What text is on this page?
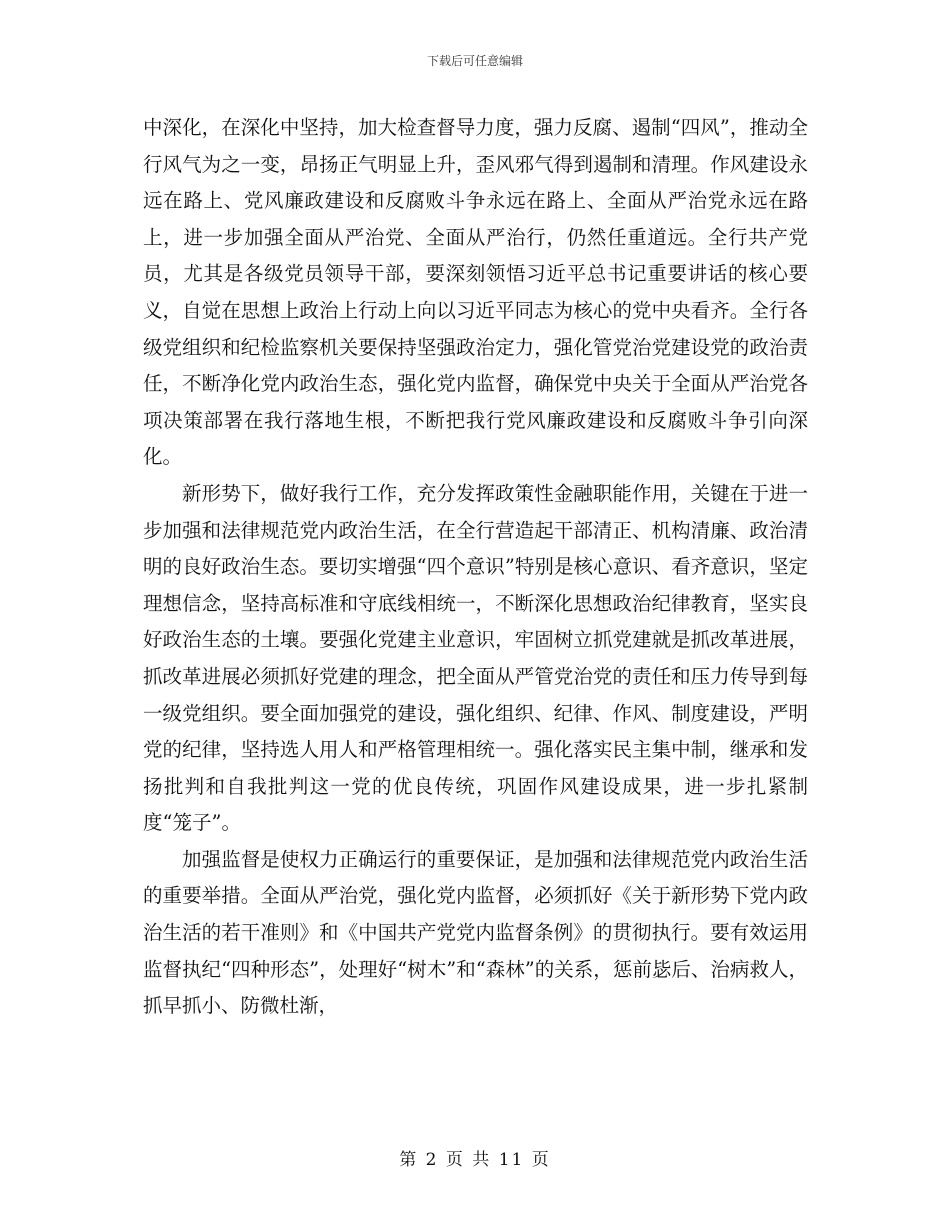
下载后可任意编辑

中深化，在深化中坚持，加大检查督导力度，强力反腐、遏制“四风”，推动全行风气为之一变，昂扬正气明显上升，歪风邪气得到遏制和清理。作风建设永远在路上、党风廉政建设和反腐败斗争永远在路上、全面从严治党永远在路上，进一步加强全面从严治党、全面从严治行，仍然任重道远。全行共产党员，尤其是各级党员领导干部，要深刻领悟习近平总书记重要讲话的核心要义，自觉在思想上政治上行动上向以习近平同志为核心的党中央看齐。全行各级党组织和纪检监察机关要保持坚强政治定力，强化管党治党建设党的政治责任，不断净化党内政治生态，强化党内监督，确保党中央关于全面从严治党各项决策部署在我行落地生根，不断把我行党风廉政建设和反腐败斗争引向深化。

新形势下，做好我行工作，充分发挥政策性金融职能作用，关键在于进一步加强和法律规范党内政治生活，在全行营造起干部清正、机构清廉、政治清明的良好政治生态。要切实增强“四个意识”特别是核心意识、看齐意识，坚定理想信念，坚持高标准和守底线相统一，不断深化思想政治纪律教育，坚实良好政治生态的土壤。要强化党建主业意识，牢固树立抓党建就是抓改革进展，抓改革进展必须抓好党建的理念，把全面从严管党治党的责任和压力传导到每一级党组织。要全面加强党的建设，强化组织、纪律、作风、制度建设，严明党的纪律，坚持选人用人和严格管理相统一。强化落实民主集中制，继承和发扬批判和自我批判这一党的优良传统，巩固作风建设成果，进一步扎紧制度“笼子”。

加强监督是使权力正确运行的重要保证，是加强和法律规范党内政治生活的重要举措。全面从严治党，强化党内监督，必须抓好《关于新形势下党内政治生活的若干准则》和《中国共产党党内监督条例》的贯彻执行。要有效运用监督执纪“四种形态”，处理好“树木”和“森林”的关系，惩前毖后、治病救人，抓早抓小、防微杜渐，

第 2 页 共 11 页
